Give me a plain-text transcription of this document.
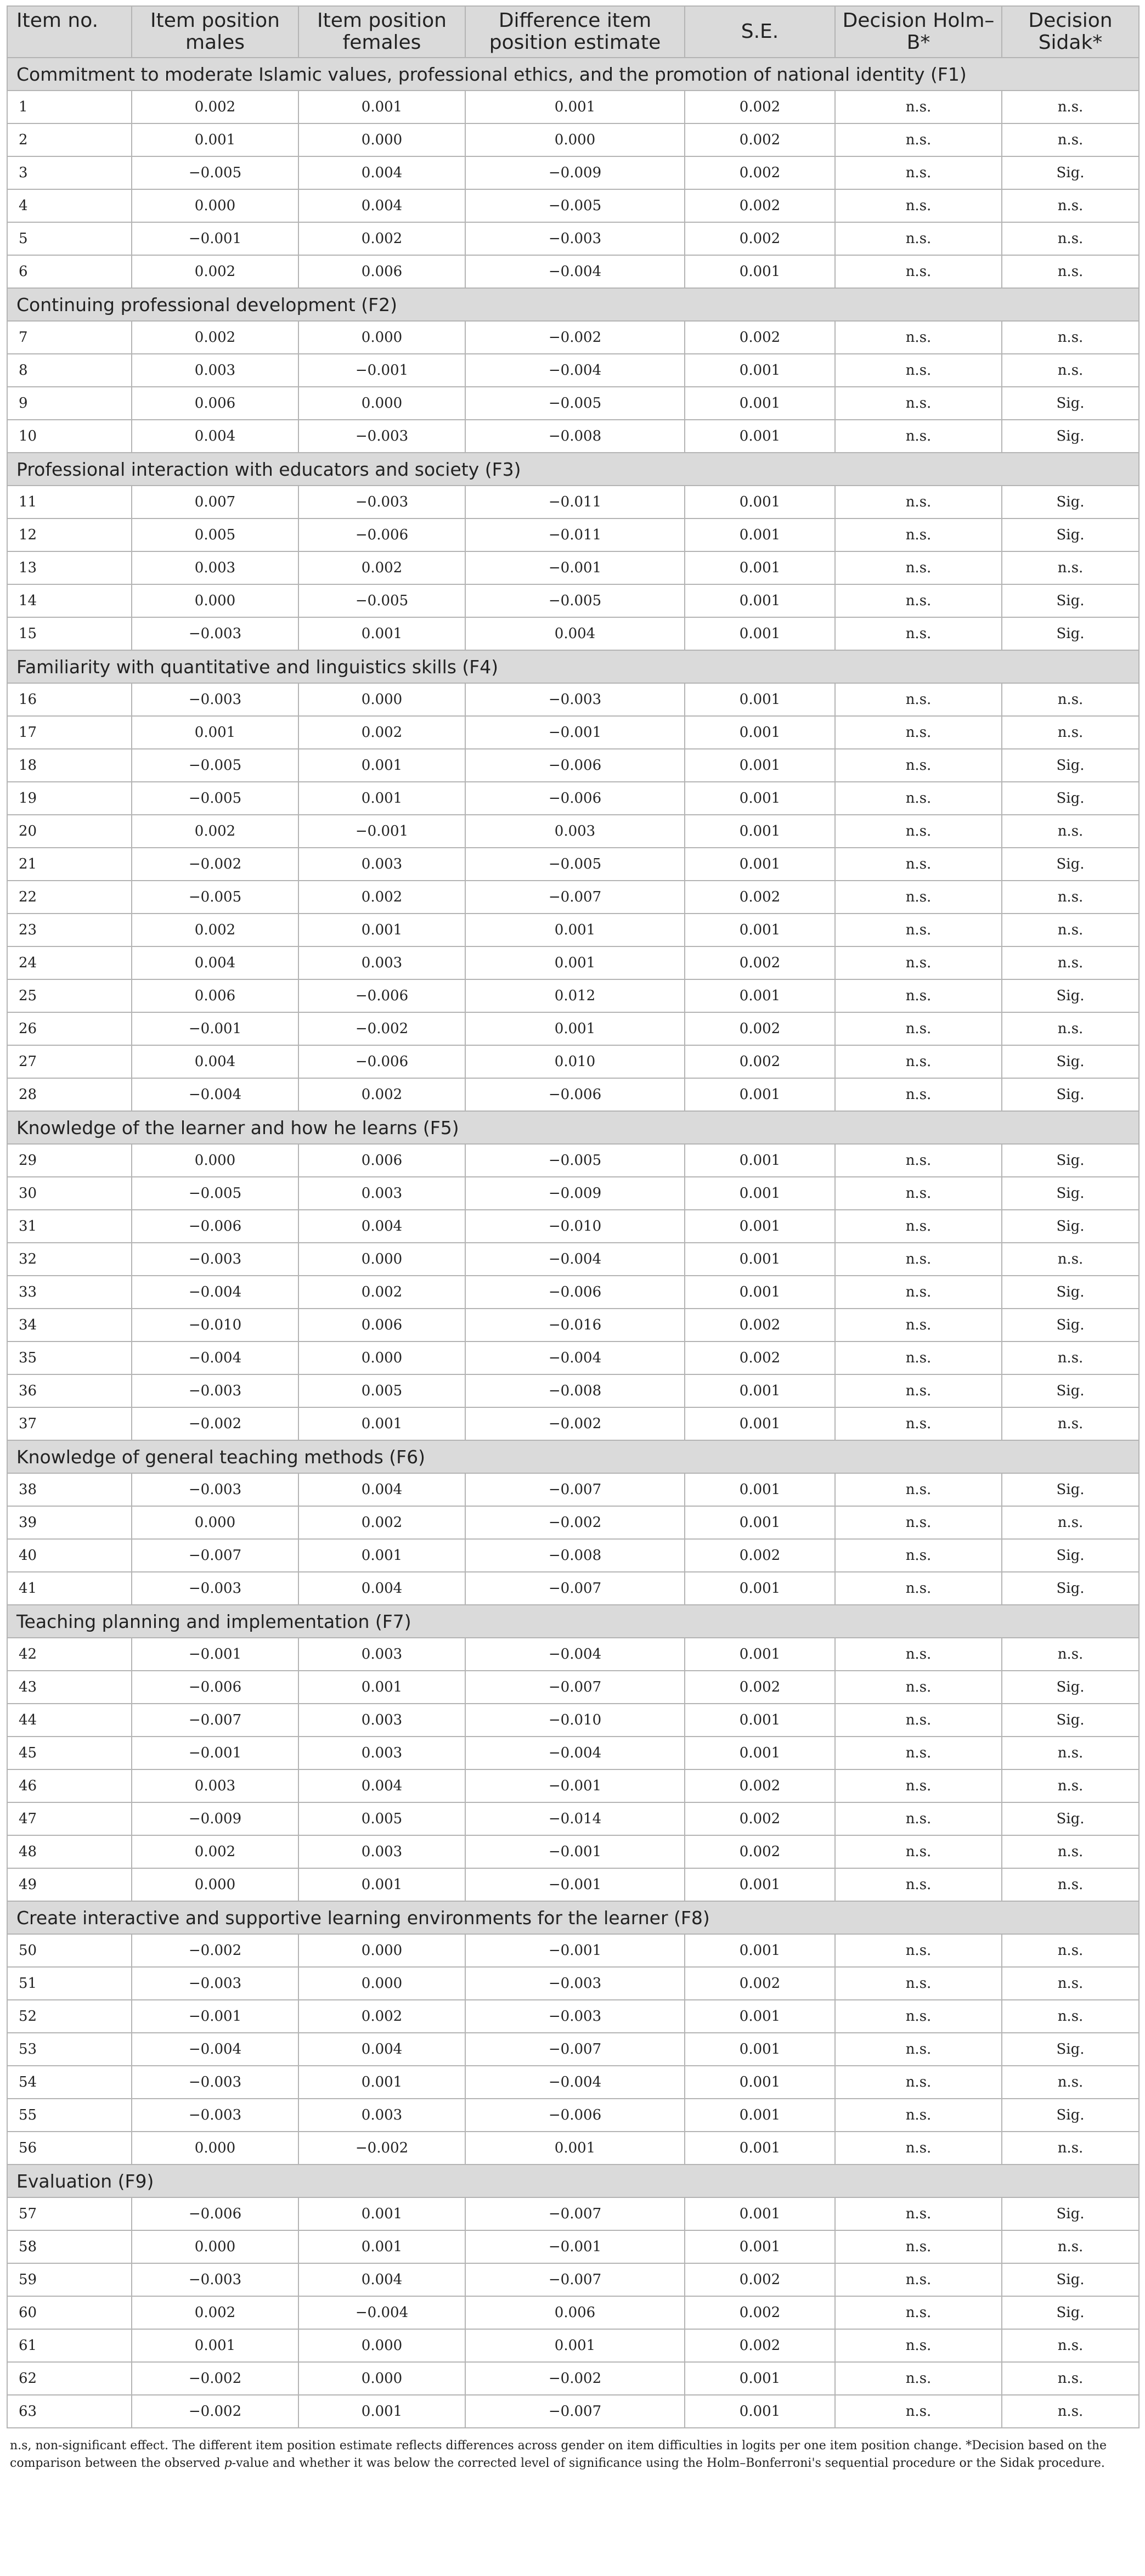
Item no.	Item position males	Item position females	Difference item position estimate	S.E.	Decision Holm–B*	Decision Sidak*
Commitment to moderate Islamic values, professional ethics, and the promotion of national identity (F1)						
1	0.002	0.001	0.001	0.002	n.s.	n.s.
2	0.001	0.000	0.000	0.002	n.s.	n.s.
3	−0.005	0.004	−0.009	0.002	n.s.	Sig.
4	0.000	0.004	−0.005	0.002	n.s.	n.s.
5	−0.001	0.002	−0.003	0.002	n.s.	n.s.
6	0.002	0.006	−0.004	0.001	n.s.	n.s.
Continuing professional development (F2)						
7	0.002	0.000	−0.002	0.002	n.s.	n.s.
8	0.003	−0.001	−0.004	0.001	n.s.	n.s.
9	0.006	0.000	−0.005	0.001	n.s.	Sig.
10	0.004	−0.003	−0.008	0.001	n.s.	Sig.
Professional interaction with educators and society (F3)						
11	0.007	−0.003	−0.011	0.001	n.s.	Sig.
12	0.005	−0.006	−0.011	0.001	n.s.	Sig.
13	0.003	0.002	−0.001	0.001	n.s.	n.s.
14	0.000	−0.005	−0.005	0.001	n.s.	Sig.
15	−0.003	0.001	0.004	0.001	n.s.	Sig.
Familiarity with quantitative and linguistics skills (F4)						
16	−0.003	0.000	−0.003	0.001	n.s.	n.s.
17	0.001	0.002	−0.001	0.001	n.s.	n.s.
18	−0.005	0.001	−0.006	0.001	n.s.	Sig.
19	−0.005	0.001	−0.006	0.001	n.s.	Sig.
20	0.002	−0.001	0.003	0.001	n.s.	n.s.
21	−0.002	0.003	−0.005	0.001	n.s.	Sig.
22	−0.005	0.002	−0.007	0.002	n.s.	n.s.
23	0.002	0.001	0.001	0.001	n.s.	n.s.
24	0.004	0.003	0.001	0.002	n.s.	n.s.
25	0.006	−0.006	0.012	0.001	n.s.	Sig.
26	−0.001	−0.002	0.001	0.002	n.s.	n.s.
27	0.004	−0.006	0.010	0.002	n.s.	Sig.
28	−0.004	0.002	−0.006	0.001	n.s.	Sig.
Knowledge of the learner and how he learns (F5)						
29	0.000	0.006	−0.005	0.001	n.s.	Sig.
30	−0.005	0.003	−0.009	0.001	n.s.	Sig.
31	−0.006	0.004	−0.010	0.001	n.s.	Sig.
32	−0.003	0.000	−0.004	0.001	n.s.	n.s.
33	−0.004	0.002	−0.006	0.001	n.s.	Sig.
34	−0.010	0.006	−0.016	0.002	n.s.	Sig.
35	−0.004	0.000	−0.004	0.002	n.s.	n.s.
36	−0.003	0.005	−0.008	0.001	n.s.	Sig.
37	−0.002	0.001	−0.002	0.001	n.s.	n.s.
Knowledge of general teaching methods (F6)						
38	−0.003	0.004	−0.007	0.001	n.s.	Sig.
39	0.000	0.002	−0.002	0.001	n.s.	n.s.
40	−0.007	0.001	−0.008	0.002	n.s.	Sig.
41	−0.003	0.004	−0.007	0.001	n.s.	Sig.
Teaching planning and implementation (F7)						
42	−0.001	0.003	−0.004	0.001	n.s.	n.s.
43	−0.006	0.001	−0.007	0.002	n.s.	Sig.
44	−0.007	0.003	−0.010	0.001	n.s.	Sig.
45	−0.001	0.003	−0.004	0.001	n.s.	n.s.
46	0.003	0.004	−0.001	0.002	n.s.	n.s.
47	−0.009	0.005	−0.014	0.002	n.s.	Sig.
48	0.002	0.003	−0.001	0.002	n.s.	n.s.
49	0.000	0.001	−0.001	0.001	n.s.	n.s.
Create interactive and supportive learning environments for the learner (F8)						
50	−0.002	0.000	−0.001	0.001	n.s.	n.s.
51	−0.003	0.000	−0.003	0.002	n.s.	n.s.
52	−0.001	0.002	−0.003	0.001	n.s.	n.s.
53	−0.004	0.004	−0.007	0.001	n.s.	Sig.
54	−0.003	0.001	−0.004	0.001	n.s.	n.s.
55	−0.003	0.003	−0.006	0.001	n.s.	Sig.
56	0.000	−0.002	0.001	0.001	n.s.	n.s.
Evaluation (F9)						
57	−0.006	0.001	−0.007	0.001	n.s.	Sig.
58	0.000	0.001	−0.001	0.001	n.s.	n.s.
59	−0.003	0.004	−0.007	0.002	n.s.	Sig.
60	0.002	−0.004	0.006	0.002	n.s.	Sig.
61	0.001	0.000	0.001	0.002	n.s.	n.s.
62	−0.002	0.000	−0.002	0.001	n.s.	n.s.
63	−0.002	0.001	−0.007	0.001	n.s.	n.s.
n.s, non-significant effect. The different item position estimate reflects differences across gender on item difficulties in logits per one item position change. *Decision based on the comparison between the observed p-value and whether it was below the corrected level of significance using the Holm–Bonferroni's sequential procedure or the Sidak procedure.
